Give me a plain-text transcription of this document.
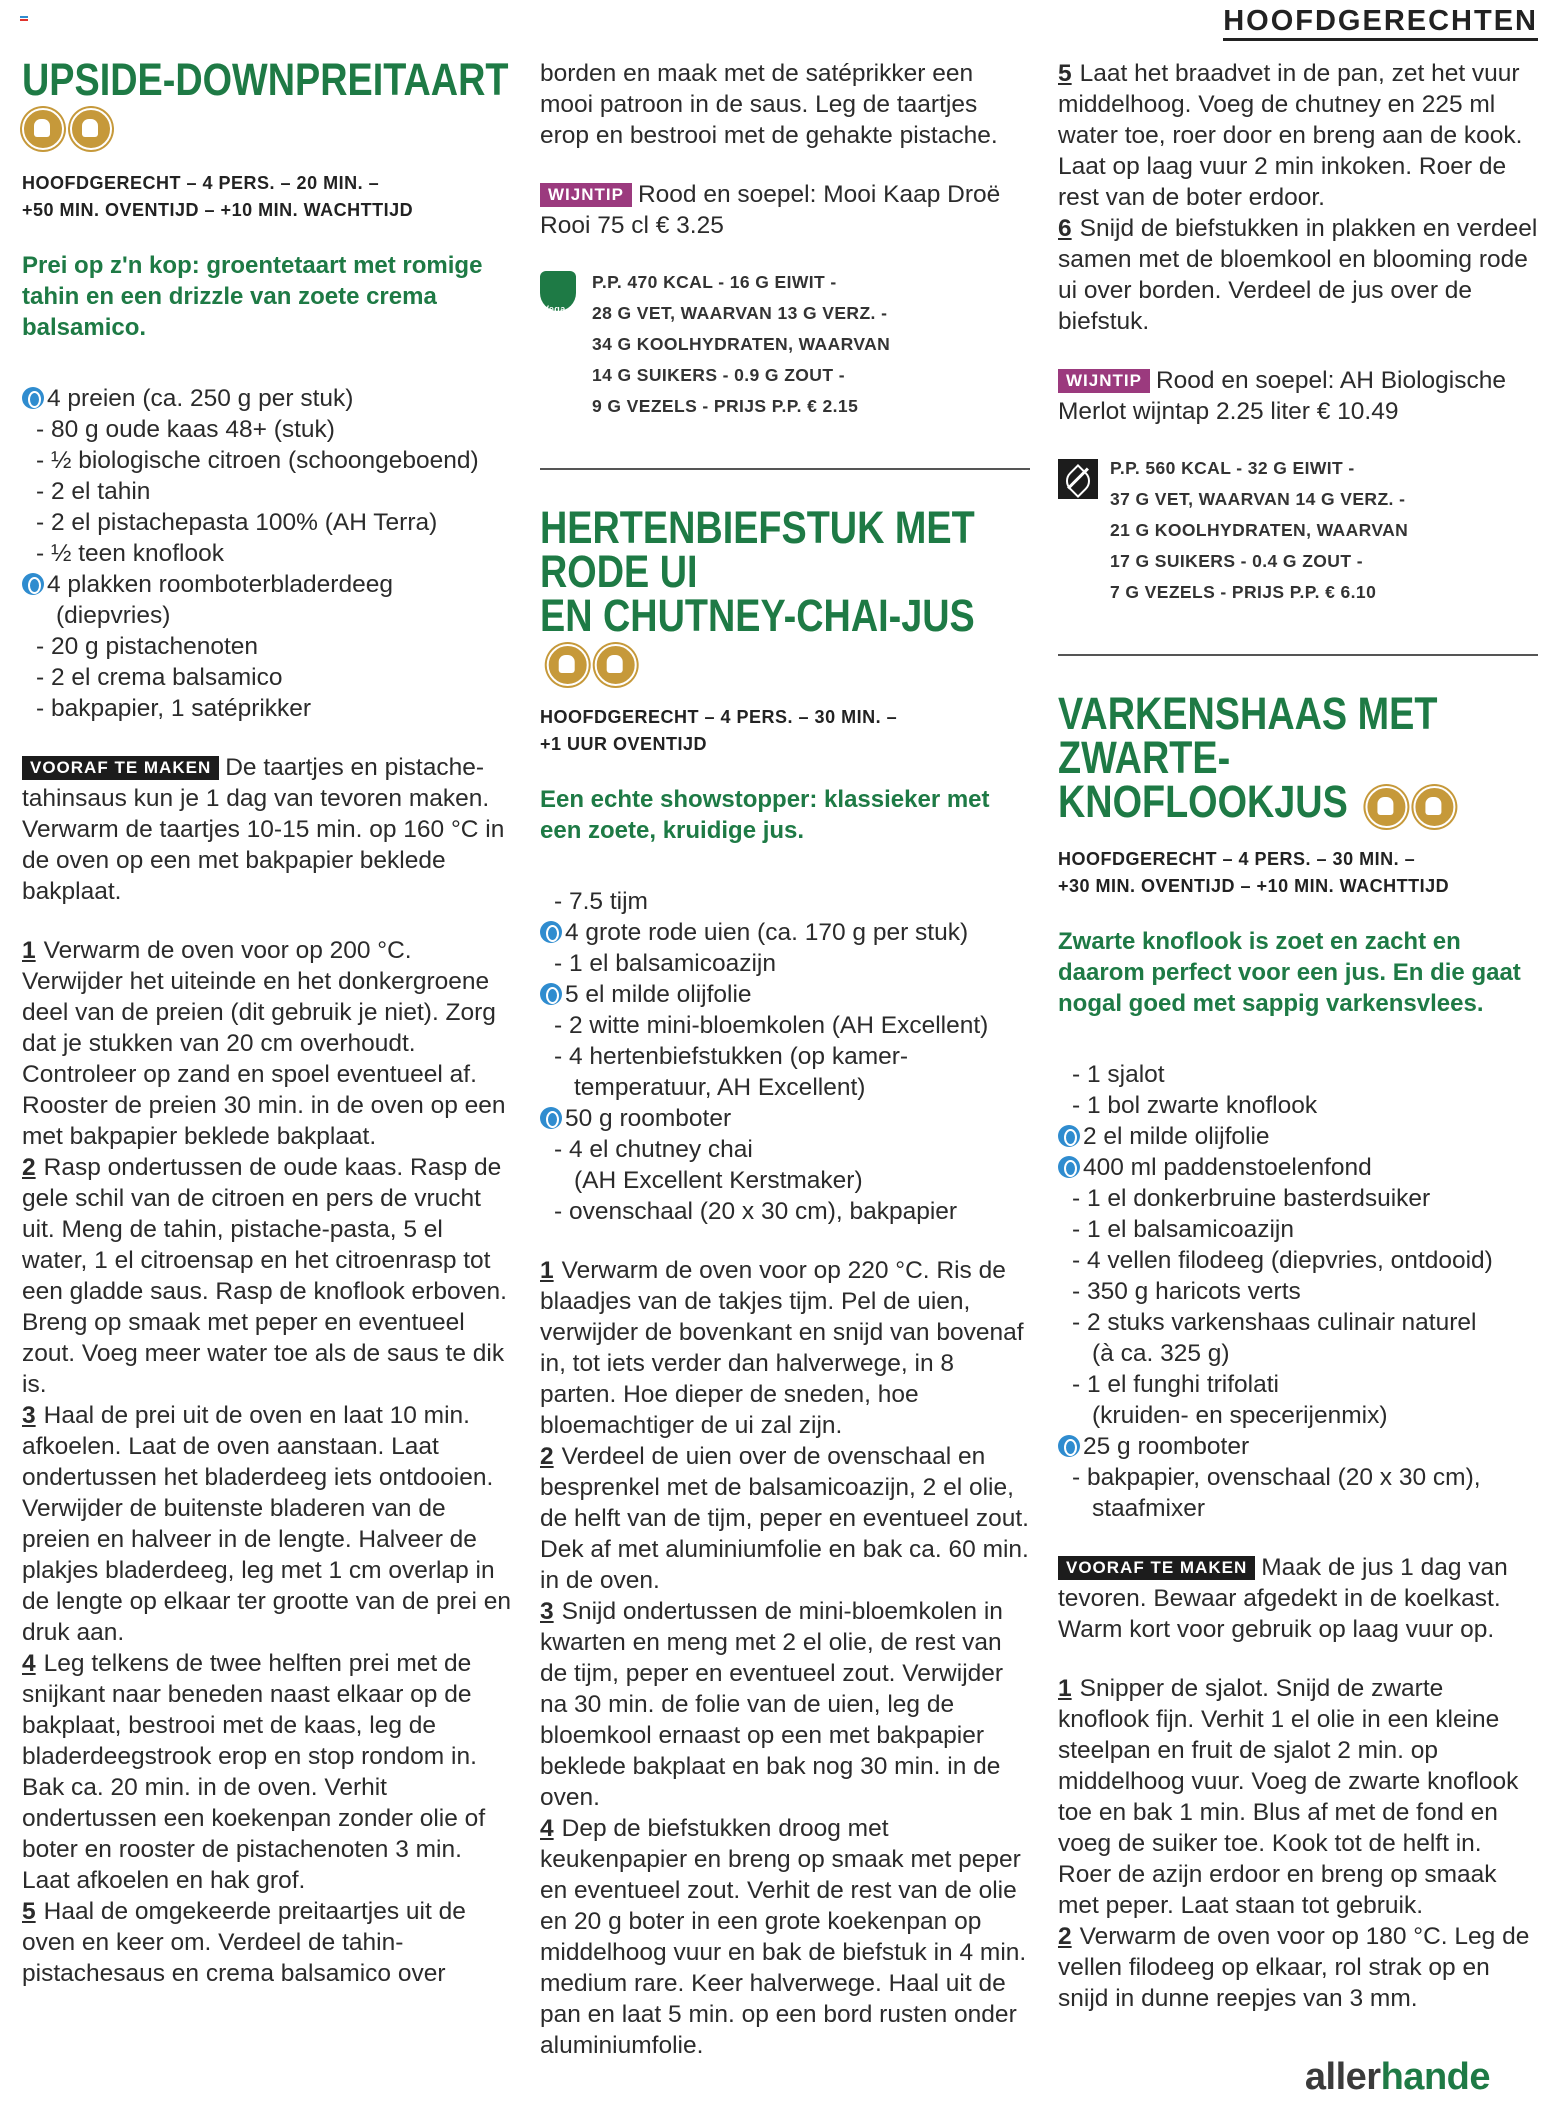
HOOFDGERECHTEN
UPSIDE-DOWNPREITAART
HOOFDGERECHT – 4 PERS. – 20 MIN. –
+50 MIN. OVENTIJD – +10 MIN. WACHTTIJD
Prei op z'n kop: groentetaart met romige tahin en een drizzle van zoete crema balsamico.
4 preien (ca. 250 g per stuk)
- 80 g oude kaas 48+ (stuk)
- ½ biologische citroen (schoongeboend)
- 2 el tahin
- 2 el pistachepasta 100% (AH Terra)
- ½ teen knoflook
4 plakken roomboterbladerdeeg
(diepvries)
- 20 g pistachenoten
- 2 el crema balsamico
- bakpapier, 1 satéprikker
VOORAF TE MAKEN De taartjes en pistache-tahinsaus kun je 1 dag van tevoren maken. Verwarm de taartjes 10-15 min. op 160 °C in de oven op een met bakpapier beklede bakplaat.
1 Verwarm de oven voor op 200 °C. Verwijder het uiteinde en het donkergroene deel van de preien (dit gebruik je niet). Zorg dat je stukken van 20 cm overhoudt. Controleer op zand en spoel eventueel af. Rooster de preien 30 min. in de oven op een met bakpapier beklede bakplaat.
2 Rasp ondertussen de oude kaas. Rasp de gele schil van de citroen en pers de vrucht uit. Meng de tahin, pistache-pasta, 5 el water, 1 el citroensap en het citroenrasp tot een gladde saus. Rasp de knoflook erboven. Breng op smaak met peper en eventueel zout. Voeg meer water toe als de saus te dik is.
3 Haal de prei uit de oven en laat 10 min. afkoelen. Laat de oven aanstaan. Laat ondertussen het bladerdeeg iets ontdooien. Verwijder de buitenste bladeren van de preien en halveer in de lengte. Halveer de plakjes bladerdeeg, leg met 1 cm overlap in de lengte op elkaar ter grootte van de prei en druk aan.
4 Leg telkens de twee helften prei met de snijkant naar beneden naast elkaar op de bakplaat, bestrooi met de kaas, leg de bladerdeegstrook erop en stop rondom in. Bak ca. 20 min. in de oven. Verhit ondertussen een koekenpan zonder olie of boter en rooster de pistachenoten 3 min. Laat afkoelen en hak grof.
5 Haal de omgekeerde preitaartjes uit de oven en keer om. Verdeel de tahin-pistachesaus en crema balsamico over
borden en maak met de satéprikker een mooi patroon in de saus. Leg de taartjes erop en bestrooi met de gehakte pistache.
WIJNTIP Rood en soepel: Mooi Kaap Droë Rooi 75 cl € 3.25
Vega
P.P. 470 KCAL - 16 G EIWIT -
28 G VET, WAARVAN 13 G VERZ. -
34 G KOOLHYDRATEN, WAARVAN
14 G SUIKERS - 0.9 G ZOUT -
9 G VEZELS - PRIJS P.P. € 2.15
HERTENBIEFSTUK MET RODE UI
EN CHUTNEY-CHAI-JUS
HOOFDGERECHT – 4 PERS. – 30 MIN. –
+1 UUR OVENTIJD
Een echte showstopper: klassieker met een zoete, kruidige jus.
- 7.5 tijm
4 grote rode uien (ca. 170 g per stuk)
- 1 el balsamicoazijn
5 el milde olijfolie
- 2 witte mini-bloemkolen (AH Excellent)
- 4 hertenbiefstukken (op kamer-
temperatuur, AH Excellent)
50 g roomboter
- 4 el chutney chai
(AH Excellent Kerstmaker)
- ovenschaal (20 x 30 cm), bakpapier
1 Verwarm de oven voor op 220 °C. Ris de blaadjes van de takjes tijm. Pel de uien, verwijder de bovenkant en snijd van bovenaf in, tot iets verder dan halverwege, in 8 parten. Hoe dieper de sneden, hoe bloemachtiger de ui zal zijn.
2 Verdeel de uien over de ovenschaal en besprenkel met de balsamicoazijn, 2 el olie, de helft van de tijm, peper en eventueel zout. Dek af met aluminiumfolie en bak ca. 60 min. in de oven.
3 Snijd ondertussen de mini-bloemkolen in kwarten en meng met 2 el olie, de rest van de tijm, peper en eventueel zout. Verwijder na 30 min. de folie van de uien, leg de bloemkool ernaast op een met bakpapier beklede bakplaat en bak nog 30 min. in de oven.
4 Dep de biefstukken droog met keukenpapier en breng op smaak met peper en eventueel zout. Verhit de rest van de olie en 20 g boter in een grote koekenpan op middelhoog vuur en bak de biefstuk in 4 min. medium rare. Keer halverwege. Haal uit de pan en laat 5 min. op een bord rusten onder aluminiumfolie.
5 Laat het braadvet in de pan, zet het vuur middelhoog. Voeg de chutney en 225 ml water toe, roer door en breng aan de kook. Laat op laag vuur 2 min inkoken. Roer de rest van de boter erdoor.
6 Snijd de biefstukken in plakken en verdeel samen met de bloemkool en blooming rode ui over borden. Verdeel de jus over de biefstuk.
WIJNTIP Rood en soepel: AH Biologische Merlot wijntap 2.25 liter € 10.49
P.P. 560 KCAL - 32 G EIWIT -
37 G VET, WAARVAN 14 G VERZ. -
21 G KOOLHYDRATEN, WAARVAN
17 G SUIKERS - 0.4 G ZOUT -
7 G VEZELS - PRIJS P.P. € 6.10
VARKENSHAAS MET ZWARTE-
KNOFLOOKJUS
HOOFDGERECHT – 4 PERS. – 30 MIN. –
+30 MIN. OVENTIJD – +10 MIN. WACHTTIJD
Zwarte knoflook is zoet en zacht en daarom perfect voor een jus. En die gaat nogal goed met sappig varkensvlees.
- 1 sjalot
- 1 bol zwarte knoflook
2 el milde olijfolie
400 ml paddenstoelenfond
- 1 el donkerbruine basterdsuiker
- 1 el balsamicoazijn
- 4 vellen filodeeg (diepvries, ontdooid)
- 350 g haricots verts
- 2 stuks varkenshaas culinair naturel
(à ca. 325 g)
- 1 el funghi trifolati
(kruiden- en specerijenmix)
25 g roomboter
- bakpapier, ovenschaal (20 x 30 cm),
staafmixer
VOORAF TE MAKEN Maak de jus 1 dag van tevoren. Bewaar afgedekt in de koelkast. Warm kort voor gebruik op laag vuur op.
1 Snipper de sjalot. Snijd de zwarte knoflook fijn. Verhit 1 el olie in een kleine steelpan en fruit de sjalot 2 min. op middelhoog vuur. Voeg de zwarte knoflook toe en bak 1 min. Blus af met de fond en voeg de suiker toe. Kook tot de helft in. Roer de azijn erdoor en breng op smaak met peper. Laat staan tot gebruik.
2 Verwarm de oven voor op 180 °C. Leg de vellen filodeeg op elkaar, rol strak op en snijd in dunne reepjes van 3 mm.
allerhande
